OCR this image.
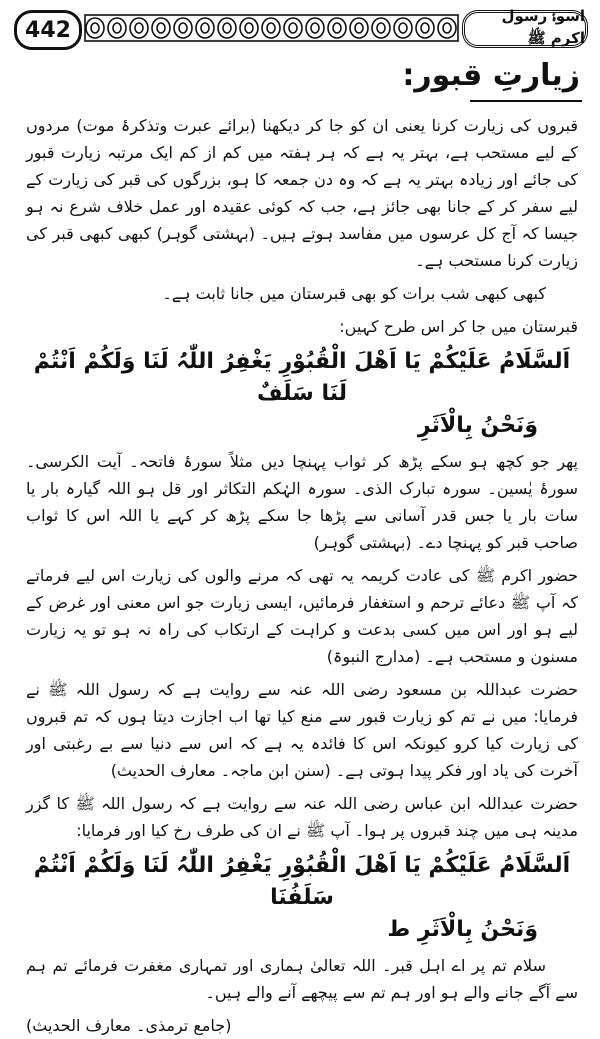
442
اسوۂ رسول اکرم ﷺ
زیارتِ قبور:

قبروں کی زیارت کرنا یعنی ان کو جا کر دیکھنا (برائے عبرت وتذکرۂ موت) مردوں کے لیے مستحب ہے، بہتر یہ ہے کہ ہر ہفتہ میں کم از کم ایک مرتبہ زیارت قبور کی جائے اور زیادہ بہتر یہ ہے کہ وہ دن جمعہ کا ہو، بزرگوں کی قبر کی زیارت کے لیے سفر کر کے جانا بھی جائز ہے، جب کہ کوئی عقیدہ اور عمل خلاف شرع نہ ہو جیسا کہ آج کل عرسوں میں مفاسد ہوتے ہیں۔ (بہشتی گوہر) کبھی کبھی قبر کی زیارت کرنا مستحب ہے۔

کبھی کبھی شب برات کو بھی قبرستان میں جانا ثابت ہے۔

قبرستان میں جا کر اس طرح کہیں:

اَلسَّلَامُ عَلَیْکُمْ یَا اَھْلَ الْقُبُوْرِ یَغْفِرُ اللّٰہُ لَنَا وَلَکُمْ اَنْتُمْ لَنَا سَلَفٌ
وَنَحْنُ بِالْاَثَرِ

پھر جو کچھ ہو سکے پڑھ کر ثواب پہنچا دیں مثلاً سورۂ فاتحہ۔ آیت الکرسی۔ سورۂ یٰسین۔ سورہ تبارک الذی۔ سورہ الہٰکم التکاثر اور قل ہو اللہ گیارہ بار یا سات بار یا جس قدر آسانی سے پڑھا جا سکے پڑھ کر کہے یا اللہ اس کا ثواب صاحب قبر کو پہنچا دے۔ (بہشتی گوہر)

حضور اکرم ﷺ کی عادت کریمہ یہ تھی کہ مرنے والوں کی زیارت اس لیے فرماتے کہ آپ ﷺ دعائے ترحم و استغفار فرمائیں، ایسی زیارت جو اس معنی اور غرض کے لیے ہو اور اس میں کسی بدعت و کراہت کے ارتکاب کی راہ نہ ہو تو یہ زیارت مسنون و مستحب ہے۔ (مدارج النبوۃ)

حضرت عبداللہ بن مسعود رضی اللہ عنہ سے روایت ہے کہ رسول اللہ ﷺ نے فرمایا: میں نے تم کو زیارت قبور سے منع کیا تھا اب اجازت دیتا ہوں کہ تم قبروں کی زیارت کیا کرو کیونکہ اس کا فائدہ یہ ہے کہ اس سے دنیا سے بے رغبتی اور آخرت کی یاد اور فکر پیدا ہوتی ہے۔ (سنن ابن ماجہ۔ معارف الحدیث)

حضرت عبداللہ ابن عباس رضی اللہ عنہ سے روایت ہے کہ رسول اللہ ﷺ کا گزر مدینہ ہی میں چند قبروں پر ہوا۔ آپ ﷺ نے ان کی طرف رخ کیا اور فرمایا:

اَلسَّلَامُ عَلَیْکُمْ یَا اَھْلَ الْقُبُوْرِ یَغْفِرُ اللّٰہُ لَنَا وَلَکُمْ اَنْتُمْ سَلَفُنَا
وَنَحْنُ بِالْاَثَرِ ط

سلام تم پر اے اہل قبر۔ اللہ تعالیٰ ہماری اور تمہاری مغفرت فرمائے تم ہم سے آگے جانے والے ہو اور ہم تم سے پیچھے آنے والے ہیں۔

(جامع ترمذی۔ معارف الحدیث)
